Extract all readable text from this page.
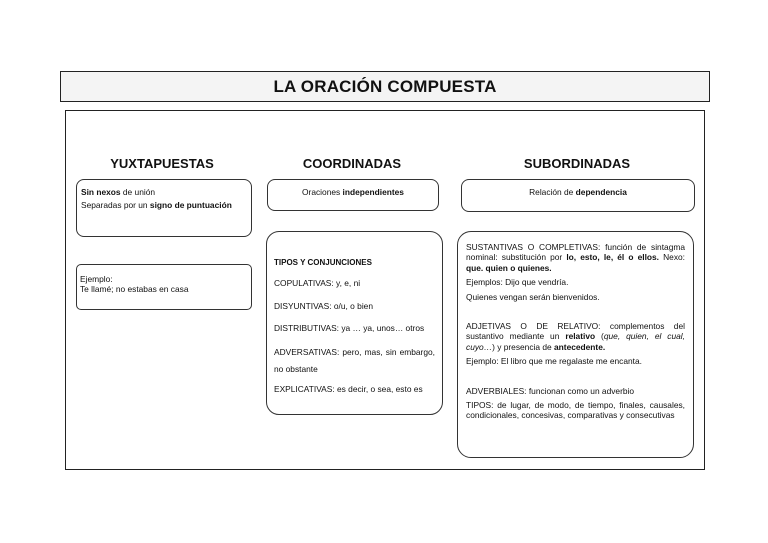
LA ORACIÓN COMPUESTA
YUXTAPUESTAS	COORDINADAS	SUBORDINADAS

Sin nexos de unión

Separadas por un signo de puntuación

Ejemplo:

Te llamé; no estabas en casa

Oraciones independientes

TIPOS Y CONJUNCIONES

COPULATIVAS: y, e, ni

DISYUNTIVAS: o/u, o bien

DISTRIBUTIVAS: ya … ya, unos… otros

ADVERSATIVAS: pero, mas, sin embargo, no obstante

EXPLICATIVAS: es decir, o sea, esto es

Relación de dependencia

SUSTANTIVAS O COMPLETIVAS: función de sintagma nominal: substitución por lo, esto, le, él o ellos. Nexo: que. quien o quienes.

Ejemplos: Dijo que vendría.

Quienes vengan serán bienvenidos.

ADJETIVAS O DE RELATIVO: complementos del sustantivo mediante un relativo (que, quien, el cual, cuyo…) y presencia de antecedente.

Ejemplo: El libro que me regalaste me encanta.

ADVERBIALES: funcionan como un adverbio

TIPOS: de lugar, de modo, de tiempo, finales, causales, condicionales, concesivas, comparativas y consecutivas
